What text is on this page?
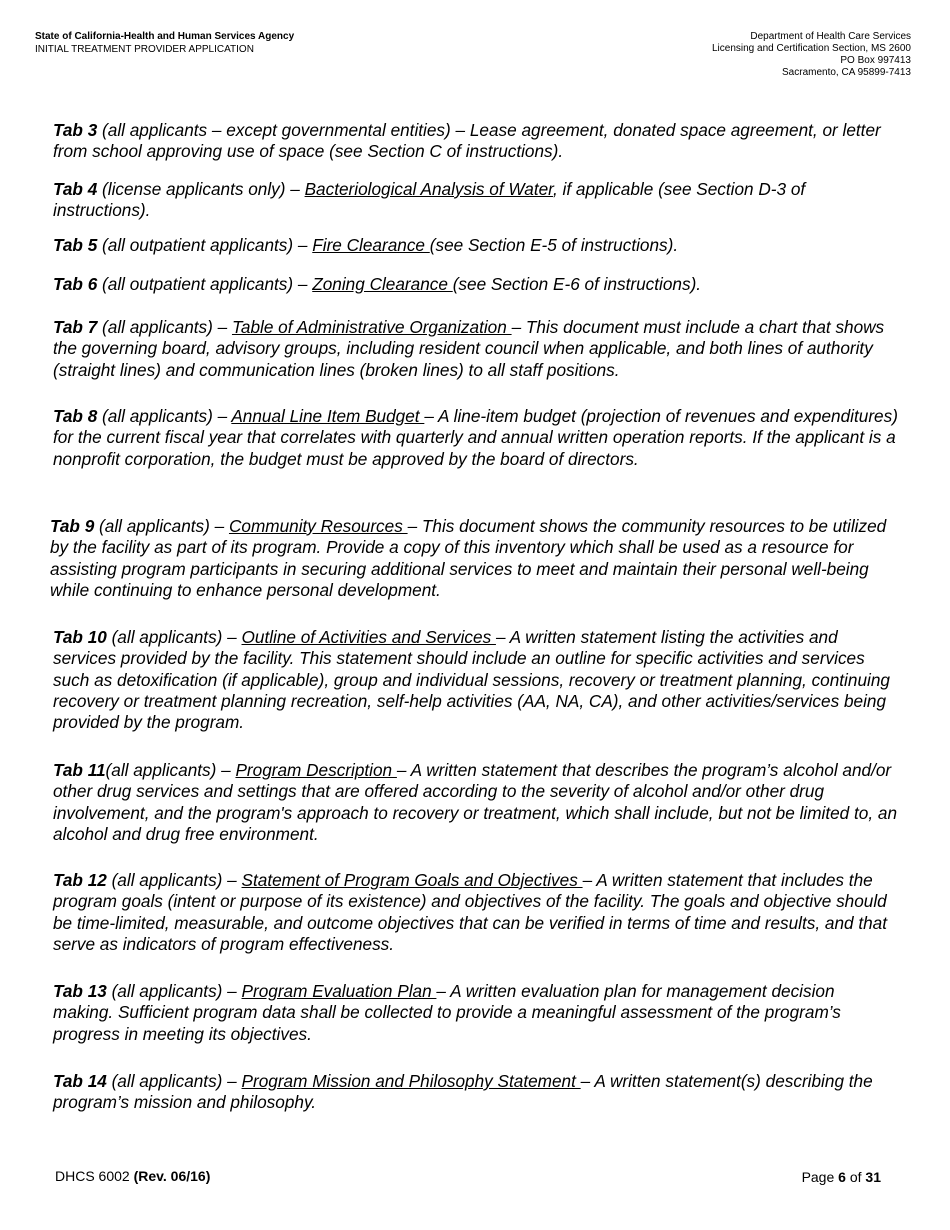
State of California-Health and Human Services Agency
INITIAL TREATMENT PROVIDER APPLICATION
Department of Health Care Services
Licensing and Certification Section, MS 2600
PO Box 997413
Sacramento, CA 95899-7413

Tab 3 (all applicants – except governmental entities) – Lease agreement, donated space agreement, or letter from school approving use of space (see Section C of instructions).

Tab 4 (license applicants only) – Bacteriological Analysis of Water, if applicable (see Section D-3 of instructions).

Tab 5 (all outpatient applicants) – Fire Clearance (see Section E-5 of instructions).

Tab 6 (all outpatient applicants) – Zoning Clearance (see Section E-6 of instructions).

Tab 7 (all applicants) – Table of Administrative Organization – This document must include a chart that shows the governing board, advisory groups, including resident council when applicable, and both lines of authority (straight lines) and communication lines (broken lines) to all staff positions.

Tab 8 (all applicants) – Annual Line Item Budget – A line-item budget (projection of revenues and expenditures) for the current fiscal year that correlates with quarterly and annual written operation reports. If the applicant is a nonprofit corporation, the budget must be approved by the board of directors.

Tab 9 (all applicants) – Community Resources – This document shows the community resources to be utilized by the facility as part of its program. Provide a copy of this inventory which shall be used as a resource for assisting program participants in securing additional services to meet and maintain their personal well-being while continuing to enhance personal development.

Tab 10 (all applicants) – Outline of Activities and Services – A written statement listing the activities and services provided by the facility. This statement should include an outline for specific activities and services such as detoxification (if applicable), group and individual sessions, recovery or treatment planning, continuing recovery or treatment planning recreation, self-help activities (AA, NA, CA), and other activities/services being provided by the program.

Tab 11(all applicants) – Program Description – A written statement that describes the program’s alcohol and/or other drug services and settings that are offered according to the severity of alcohol and/or other drug involvement, and the program's approach to recovery or treatment, which shall include, but not be limited to, an alcohol and drug free environment.

Tab 12 (all applicants) – Statement of Program Goals and Objectives – A written statement that includes the program goals (intent or purpose of its existence) and objectives of the facility. The goals and objective should be time-limited, measurable, and outcome objectives that can be verified in terms of time and results, and that serve as indicators of program effectiveness.

Tab 13 (all applicants) – Program Evaluation Plan – A written evaluation plan for management decision making. Sufficient program data shall be collected to provide a meaningful assessment of the program’s progress in meeting its objectives.

Tab 14 (all applicants) – Program Mission and Philosophy Statement – A written statement(s) describing the program’s mission and philosophy.

DHCS 6002 (Rev. 06/16)	Page 6 of 31
